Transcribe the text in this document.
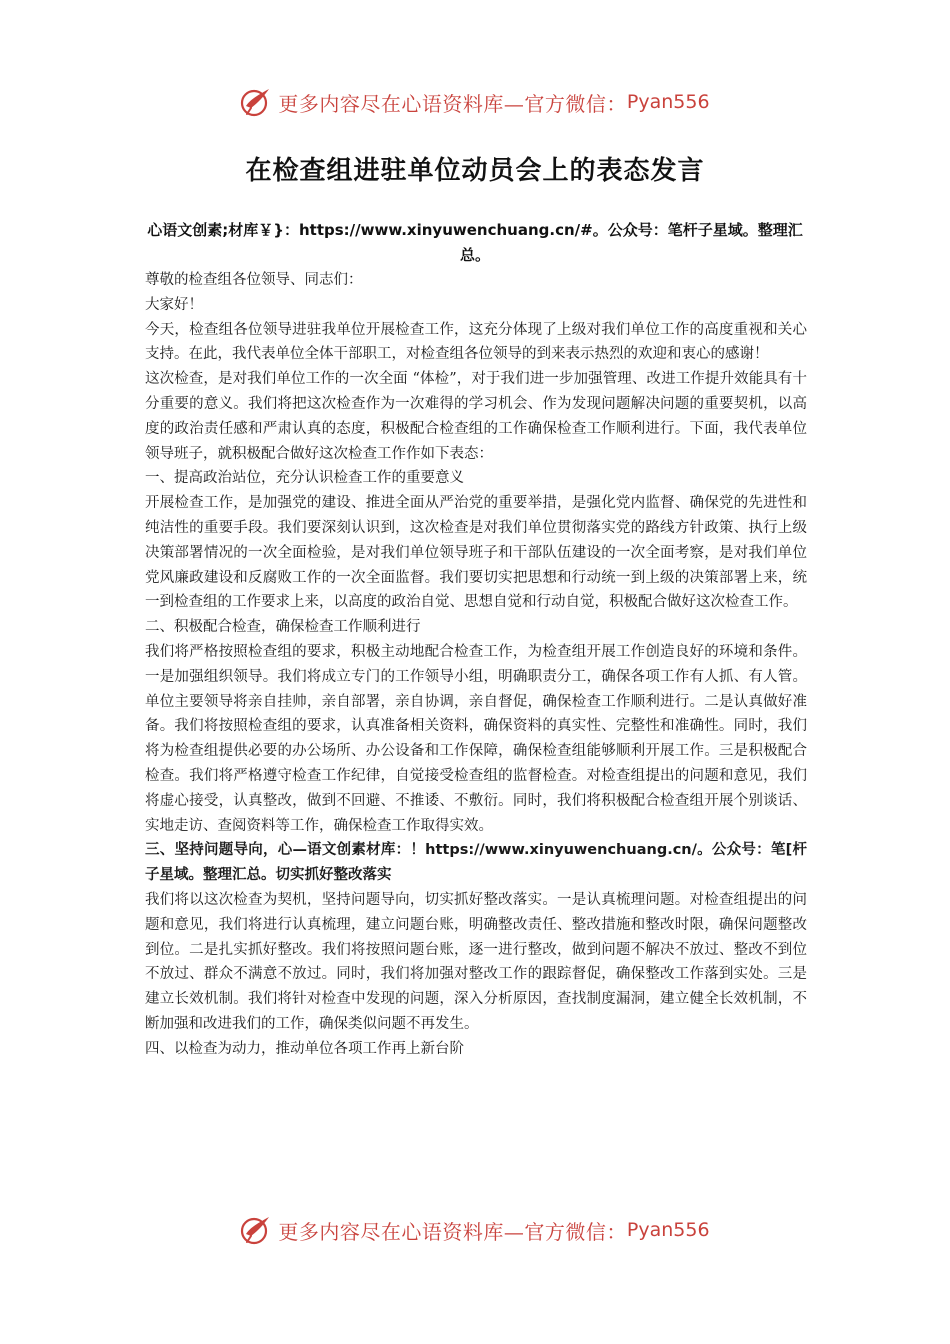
更多内容尽在心语资料库—官方微信： Pyan556
在检查组进驻单位动员会上的表态发言
心语文创素;材库￥}：https://www.xinyuwenchuang.cn/#。公众号：笔杆子星域。整理汇总。

尊敬的检查组各位领导、同志们：

大家好！

今天，检查组各位领导进驻我单位开展检查工作，这充分体现了上级对我们单位工作的高度重视和关心支持。在此，我代表单位全体干部职工，对检查组各位领导的到来表示热烈的欢迎和衷心的感谢！

这次检查，是对我们单位工作的一次全面 “体检”，对于我们进一步加强管理、改进工作提升效能具有十分重要的意义。我们将把这次检查作为一次难得的学习机会、作为发现问题解决问题的重要契机，以高度的政治责任感和严肃认真的态度，积极配合检查组的工作确保检查工作顺利进行。下面，我代表单位领导班子，就积极配合做好这次检查工作作如下表态：

一、提高政治站位，充分认识检查工作的重要意义

开展检查工作，是加强党的建设、推进全面从严治党的重要举措，是强化党内监督、确保党的先进性和纯洁性的重要手段。我们要深刻认识到，这次检查是对我们单位贯彻落实党的路线方针政策、执行上级决策部署情况的一次全面检验，是对我们单位领导班子和干部队伍建设的一次全面考察，是对我们单位党风廉政建设和反腐败工作的一次全面监督。我们要切实把思想和行动统一到上级的决策部署上来，统一到检查组的工作要求上来，以高度的政治自觉、思想自觉和行动自觉，积极配合做好这次检查工作。

二、积极配合检查，确保检查工作顺利进行

我们将严格按照检查组的要求，积极主动地配合检查工作，为检查组开展工作创造良好的环境和条件。一是加强组织领导。我们将成立专门的工作领导小组，明确职责分工，确保各项工作有人抓、有人管。单位主要领导将亲自挂帅，亲自部署，亲自协调，亲自督促，确保检查工作顺利进行。二是认真做好准备。我们将按照检查组的要求，认真准备相关资料，确保资料的真实性、完整性和准确性。同时，我们将为检查组提供必要的办公场所、办公设备和工作保障，确保检查组能够顺利开展工作。三是积极配合检查。我们将严格遵守检查工作纪律，自觉接受检查组的监督检查。对检查组提出的问题和意见，我们将虚心接受，认真整改，做到不回避、不推诿、不敷衍。同时，我们将积极配合检查组开展个别谈话、实地走访、查阅资料等工作，确保检查工作取得实效。

三、坚持问题导向，心—语文创素材库：！https://www.xinyuwenchuang.cn/。公众号：笔[杆子星域。整理汇总。切实抓好整改落实

我们将以这次检查为契机，坚持问题导向，切实抓好整改落实。一是认真梳理问题。对检查组提出的问题和意见，我们将进行认真梳理，建立问题台账，明确整改责任、整改措施和整改时限，确保问题整改到位。二是扎实抓好整改。我们将按照问题台账，逐一进行整改，做到问题不解决不放过、整改不到位不放过、群众不满意不放过。同时，我们将加强对整改工作的跟踪督促，确保整改工作落到实处。三是建立长效机制。我们将针对检查中发现的问题，深入分析原因，查找制度漏洞，建立健全长效机制，不断加强和改进我们的工作，确保类似问题不再发生。

四、以检查为动力，推动单位各项工作再上新台阶

更多内容尽在心语资料库—官方微信： Pyan556
